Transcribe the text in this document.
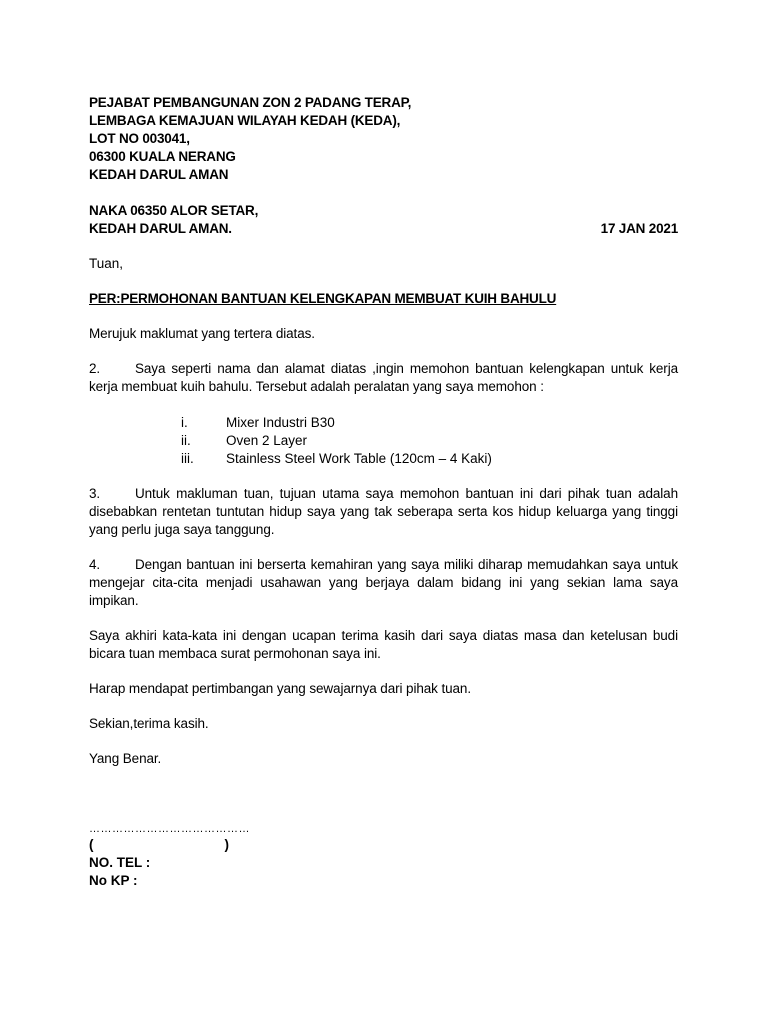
PEJABAT PEMBANGUNAN ZON 2 PADANG TERAP,
LEMBAGA KEMAJUAN WILAYAH KEDAH (KEDA),
LOT NO 003041,
06300 KUALA NERANG
KEDAH DARUL AMAN
NAKA 06350 ALOR SETAR,
KEDAH DARUL AMAN.	17 JAN 2021
Tuan,
PER:PERMOHONAN BANTUAN KELENGKAPAN MEMBUAT KUIH BAHULU
Merujuk maklumat yang tertera diatas.
2.	Saya seperti nama dan alamat diatas ,ingin memohon bantuan kelengkapan untuk kerja kerja membuat kuih bahulu. Tersebut adalah peralatan yang saya memohon :
i.	Mixer Industri B30
ii.	Oven 2 Layer
iii.	Stainless Steel Work Table (120cm – 4 Kaki)
3.	Untuk makluman tuan, tujuan utama saya memohon bantuan ini dari pihak tuan adalah disebabkan rentetan tuntutan hidup saya yang tak seberapa serta kos hidup keluarga yang tinggi yang perlu juga saya tanggung.
4.	Dengan bantuan ini berserta kemahiran yang saya miliki diharap memudahkan saya untuk mengejar cita-cita menjadi usahawan yang berjaya dalam bidang ini yang sekian lama saya impikan.
Saya akhiri kata-kata ini dengan ucapan terima kasih dari saya diatas masa dan ketelusan budi bicara tuan membaca surat permohonan saya ini.
Harap mendapat pertimbangan yang sewajarnya dari pihak tuan.
Sekian,terima kasih.
Yang Benar.
……………………………………
(	)
NO. TEL :
No KP :
